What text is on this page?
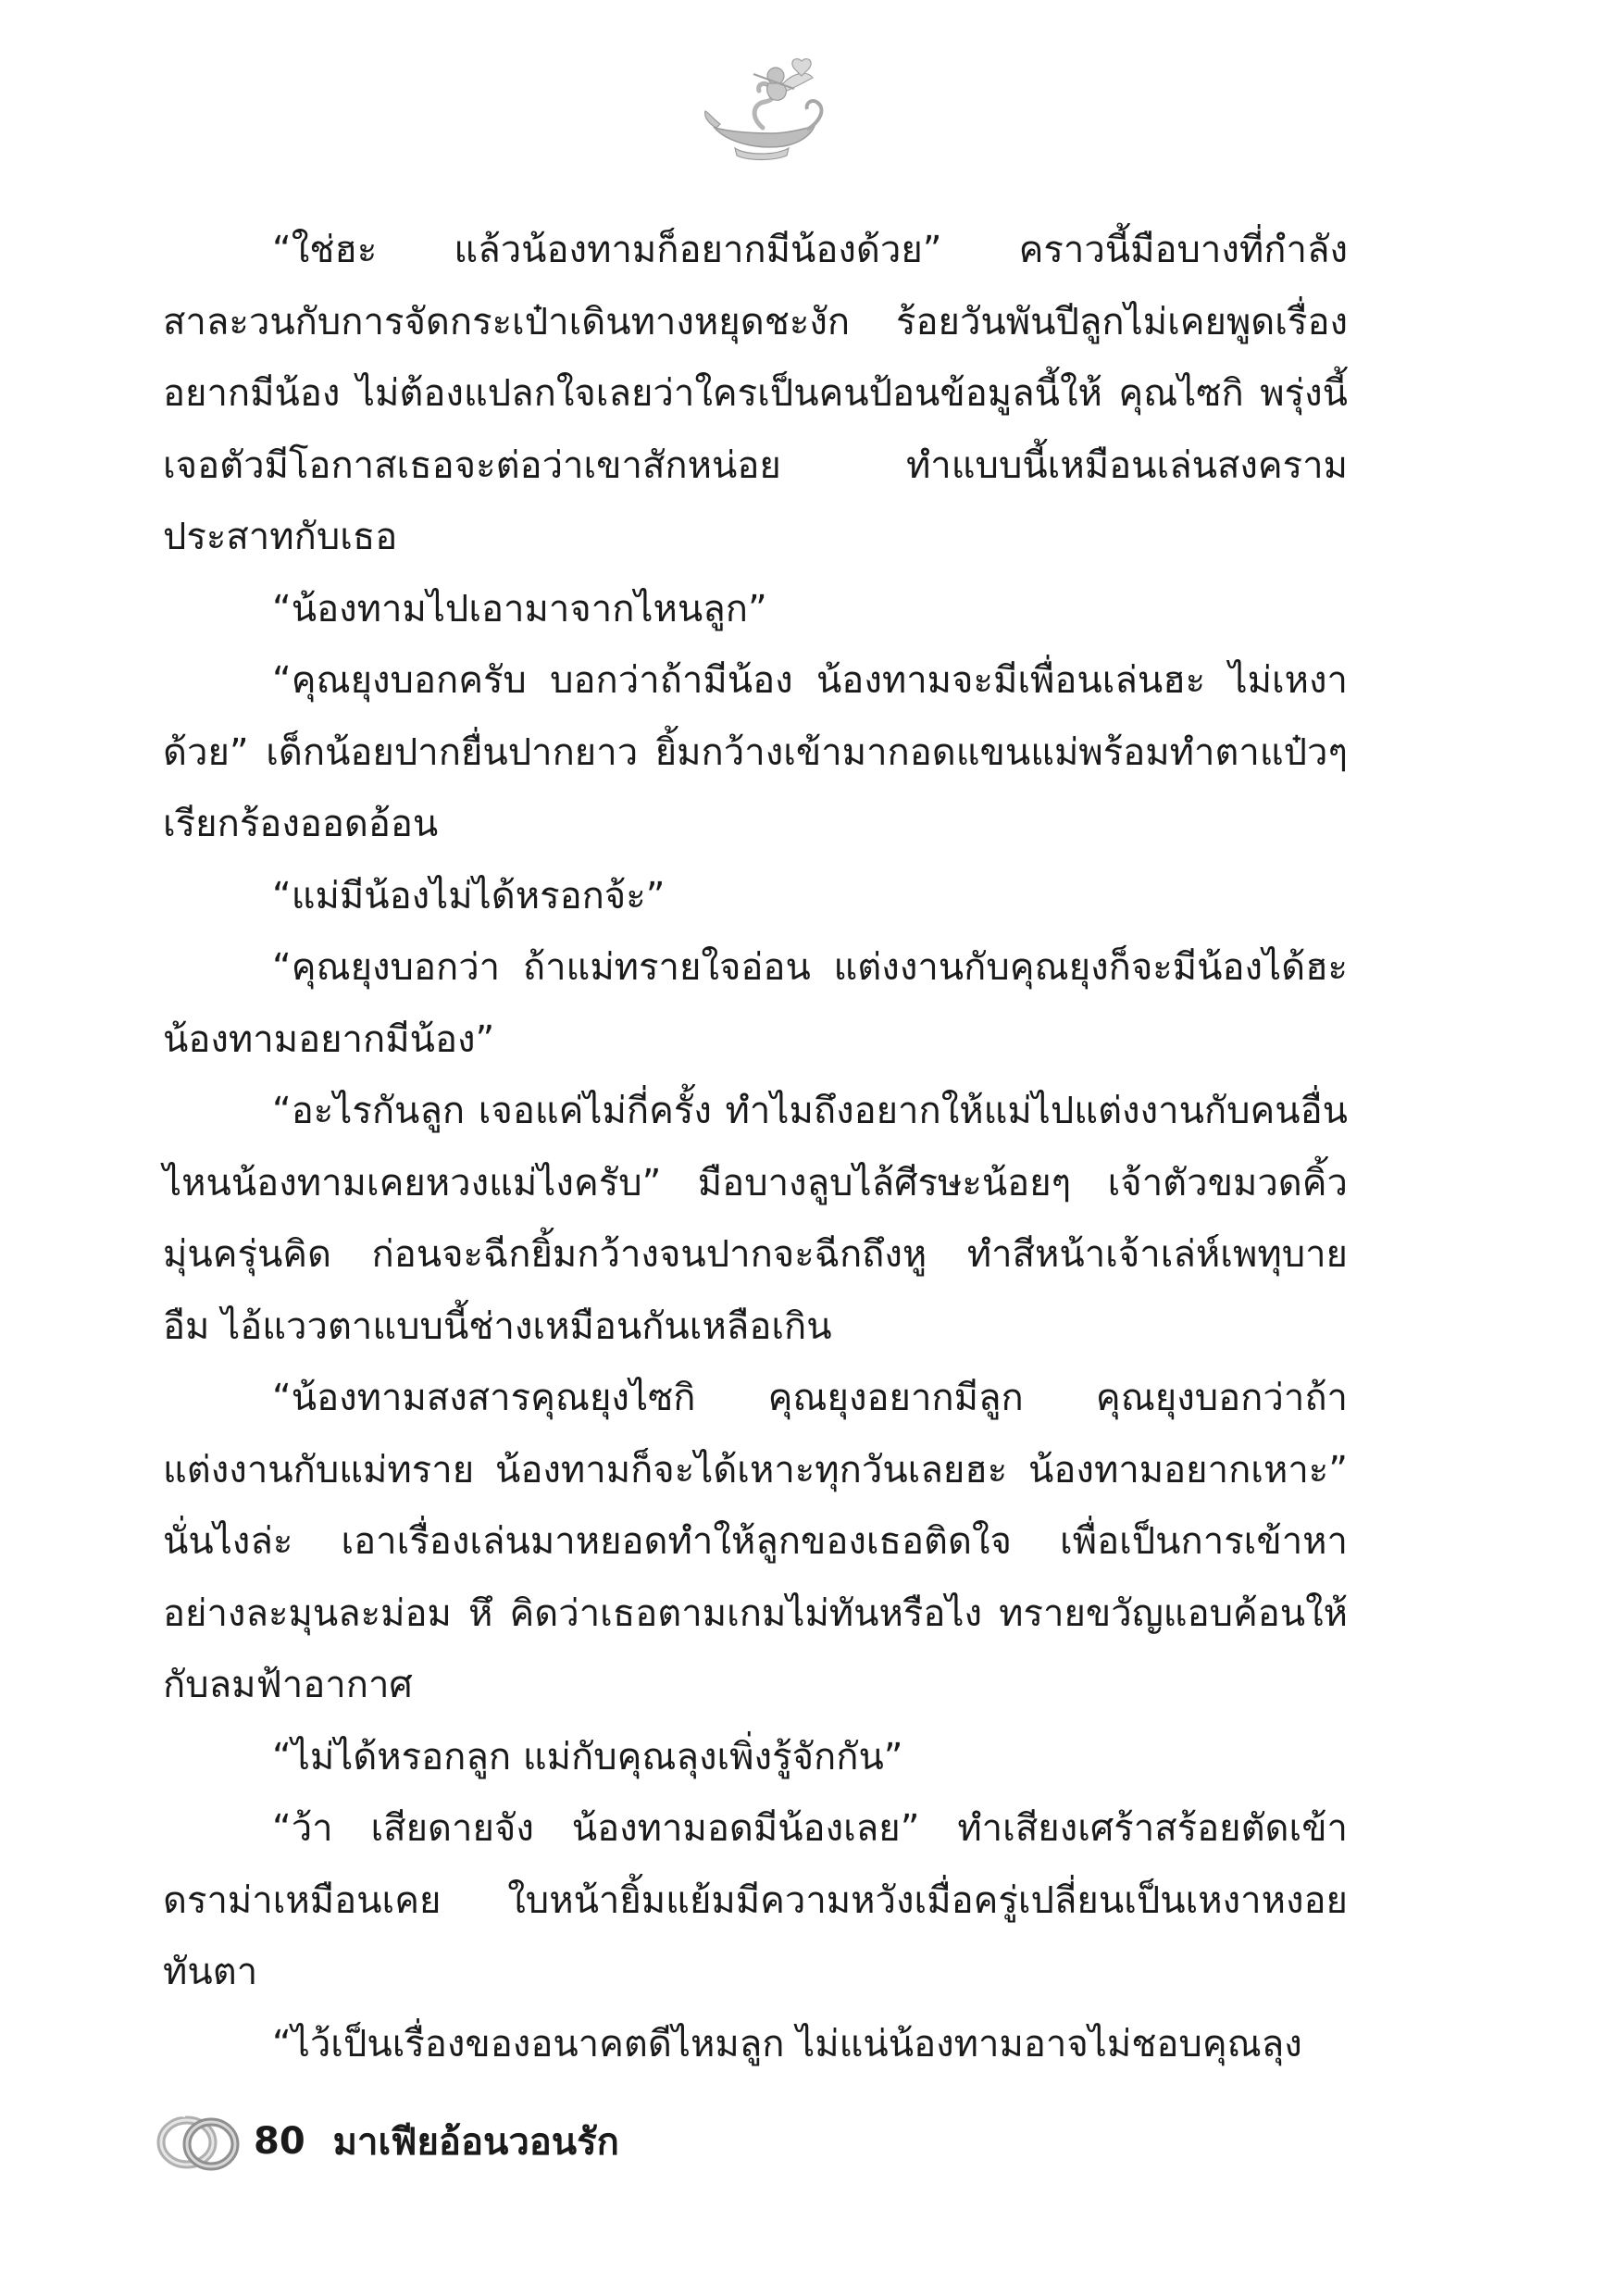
“ใช่ฮะ แล้วน้องทามก็อยากมีน้องด้วย” คราวนี้มือบางที่กำลังสาละวนกับการจัดกระเป๋าเดินทางหยุดชะงัก ร้อยวันพันปีลูกไม่เคยพูดเรื่องอยากมีน้อง ไม่ต้องแปลกใจเลยว่าใครเป็นคนป้อนข้อมูลนี้ให้ คุณไซกิ พรุ่งนี้เจอตัวมีโอกาสเธอจะต่อว่าเขาสักหน่อย ทำแบบนี้เหมือนเล่นสงครามประสาทกับเธอ

“น้องทามไปเอามาจากไหนลูก”

“คุณยุงบอกครับ บอกว่าถ้ามีน้อง น้องทามจะมีเพื่อนเล่นฮะ ไม่เหงาด้วย” เด็กน้อยปากยื่นปากยาว ยิ้มกว้างเข้ามากอดแขนแม่พร้อมทำตาแป๋วๆ เรียกร้องออดอ้อน

“แม่มีน้องไม่ได้หรอกจ้ะ”

“คุณยุงบอกว่า ถ้าแม่ทรายใจอ่อน แต่งงานกับคุณยุงก็จะมีน้องได้ฮะ น้องทามอยากมีน้อง”

“อะไรกันลูก เจอแค่ไม่กี่ครั้ง ทำไมถึงอยากให้แม่ไปแต่งงานกับคนอื่น ไหนน้องทามเคยหวงแม่ไงครับ” มือบางลูบไล้ศีรษะน้อยๆ เจ้าตัวขมวดคิ้วมุ่นครุ่นคิด ก่อนจะฉีกยิ้มกว้างจนปากจะฉีกถึงหู ทำสีหน้าเจ้าเล่ห์เพทุบาย อืม ไอ้แววตาแบบนี้ช่างเหมือนกันเหลือเกิน

“น้องทามสงสารคุณยุงไซกิ คุณยุงอยากมีลูก คุณยุงบอกว่าถ้าแต่งงานกับแม่ทราย น้องทามก็จะได้เหาะทุกวันเลยฮะ น้องทามอยากเหาะ” นั่นไงล่ะ เอาเรื่องเล่นมาหยอดทำให้ลูกของเธอติดใจ เพื่อเป็นการเข้าหาอย่างละมุนละม่อม หึ คิดว่าเธอตามเกมไม่ทันหรือไง ทรายขวัญแอบค้อนให้กับลมฟ้าอากาศ

“ไม่ได้หรอกลูก แม่กับคุณลุงเพิ่งรู้จักกัน”

“ว้า เสียดายจัง น้องทามอดมีน้องเลย” ทำเสียงเศร้าสร้อยตัดเข้าดราม่าเหมือนเคย ใบหน้ายิ้มแย้มมีความหวังเมื่อครู่เปลี่ยนเป็นเหงาหงอยทันตา

“ไว้เป็นเรื่องของอนาคตดีไหมลูก ไม่แน่น้องทามอาจไม่ชอบคุณลุง

80 มาเฟียอ้อนวอนรัก
